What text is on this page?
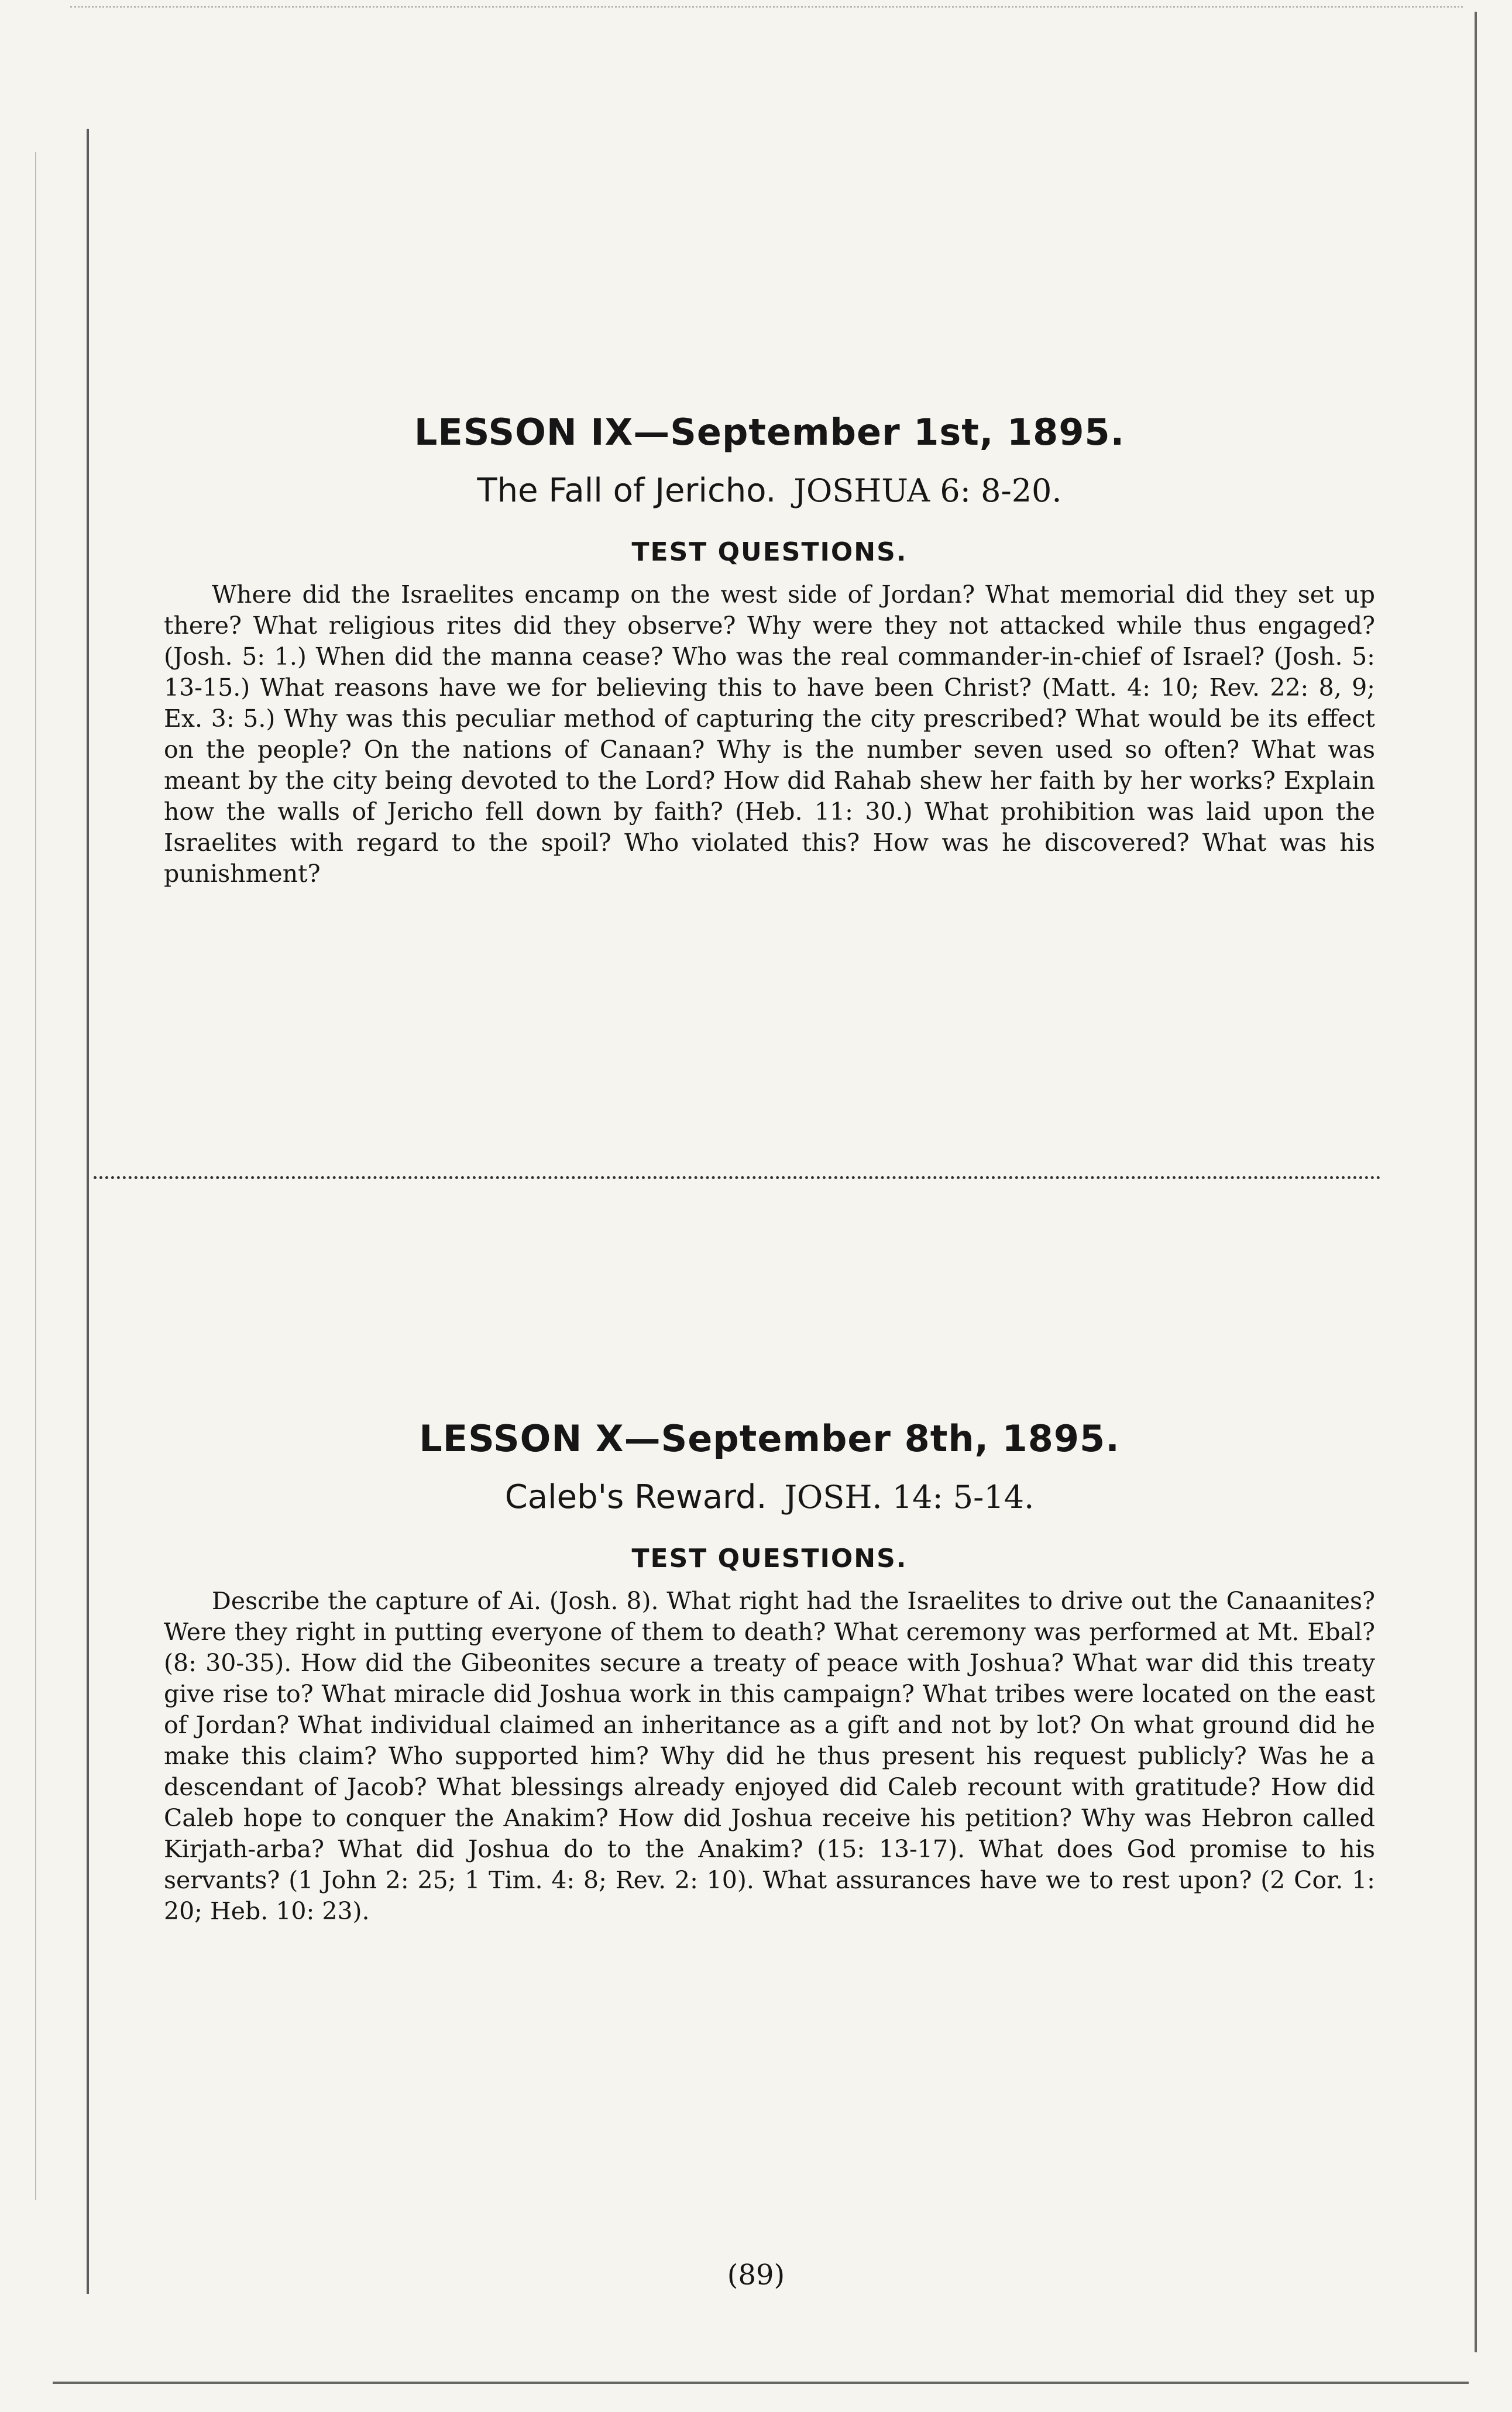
LESSON IX—September 1st, 1895.
The Fall of Jericho. JOSHUA 6: 8-20.
TEST QUESTIONS.

Where did the Israelites encamp on the west side of Jordan? What memorial did they set up there? What religious rites did they observe? Why were they not attacked while thus engaged? (Josh. 5: 1.) When did the manna cease? Who was the real commander-in-chief of Israel? (Josh. 5: 13-15.) What reasons have we for believing this to have been Christ? (Matt. 4: 10; Rev. 22: 8, 9; Ex. 3: 5.) Why was this peculiar method of capturing the city prescribed? What would be its effect on the people? On the nations of Canaan? Why is the number seven used so often? What was meant by the city being devoted to the Lord? How did Rahab shew her faith by her works? Explain how the walls of Jericho fell down by faith? (Heb. 11: 30.) What prohibition was laid upon the Israelites with regard to the spoil? Who violated this? How was he discovered? What was his punishment?

LESSON X—September 8th, 1895.
Caleb's Reward. JOSH. 14: 5-14.
TEST QUESTIONS.

Describe the capture of Ai. (Josh. 8). What right had the Israelites to drive out the Canaanites? Were they right in putting everyone of them to death? What ceremony was performed at Mt. Ebal? (8: 30-35). How did the Gibeonites secure a treaty of peace with Joshua? What war did this treaty give rise to? What miracle did Joshua work in this campaign? What tribes were located on the east of Jordan? What individual claimed an inheritance as a gift and not by lot? On what ground did he make this claim? Who supported him? Why did he thus present his request publicly? Was he a descendant of Jacob? What blessings already enjoyed did Caleb recount with gratitude? How did Caleb hope to conquer the Anakim? How did Joshua receive his petition? Why was Hebron called Kirjath-arba? What did Joshua do to the Anakim? (15: 13-17). What does God promise to his servants? (1 John 2: 25; 1 Tim. 4: 8; Rev. 2: 10). What assurances have we to rest upon? (2 Cor. 1: 20; Heb. 10: 23).

(89)
